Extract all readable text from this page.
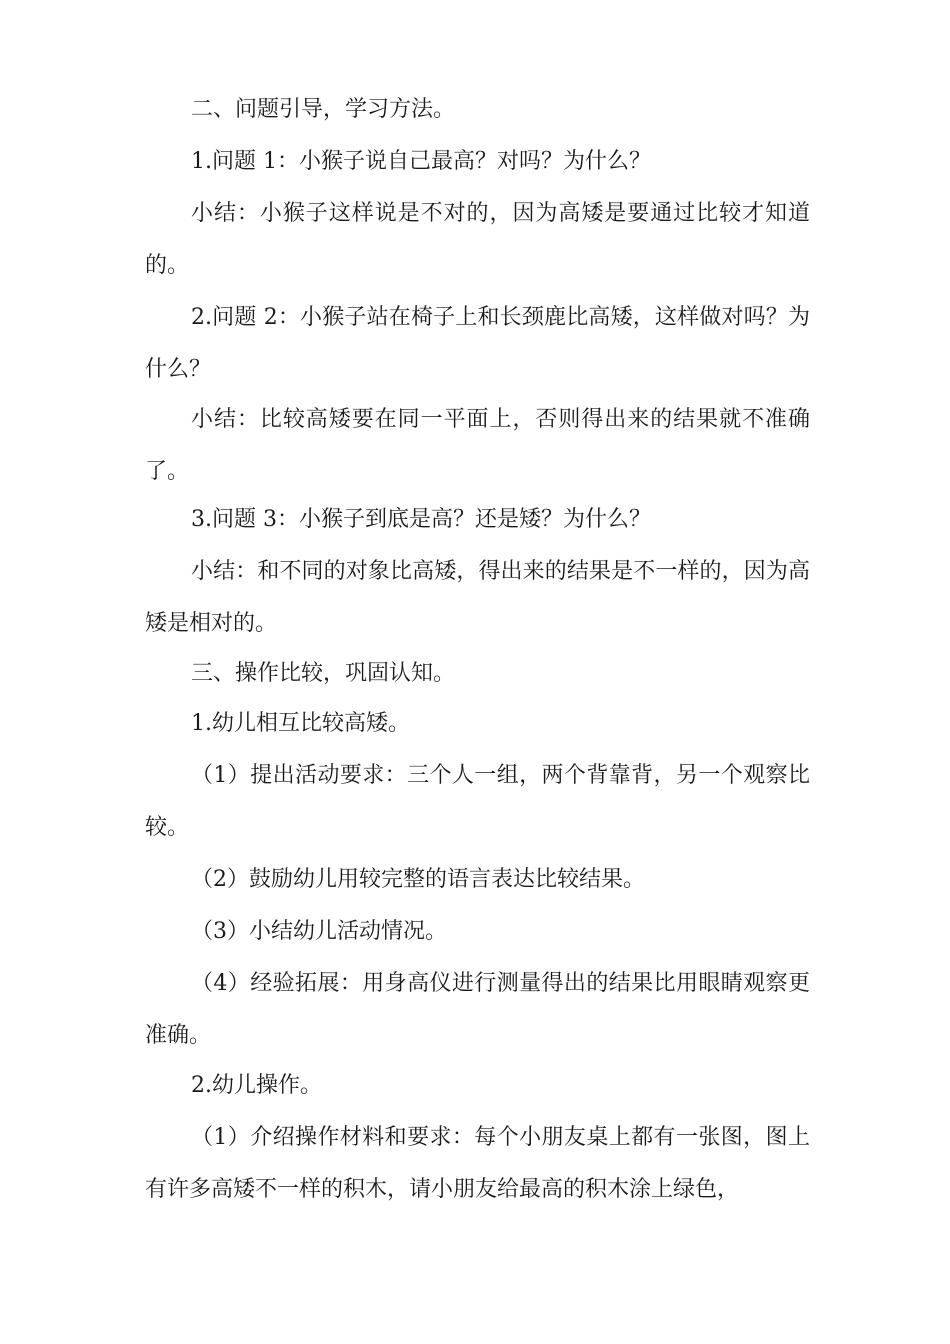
二、问题引导，学习方法。

1.问题 1：小猴子说自己最高？对吗？为什么？

小结：小猴子这样说是不对的，因为高矮是要通过比较才知道的。

2.问题 2：小猴子站在椅子上和长颈鹿比高矮，这样做对吗？为什么？

小结：比较高矮要在同一平面上，否则得出来的结果就不准确了。

3.问题 3：小猴子到底是高？还是矮？为什么？

小结：和不同的对象比高矮，得出来的结果是不一样的，因为高矮是相对的。

三、操作比较，巩固认知。

1.幼儿相互比较高矮。

（1）提出活动要求：三个人一组，两个背靠背，另一个观察比较。

（2）鼓励幼儿用较完整的语言表达比较结果。

（3）小结幼儿活动情况。

（4）经验拓展：用身高仪进行测量得出的结果比用眼睛观察更准确。

2.幼儿操作。

（1）介绍操作材料和要求：每个小朋友桌上都有一张图，图上有许多高矮不一样的积木，请小朋友给最高的积木涂上绿色，
